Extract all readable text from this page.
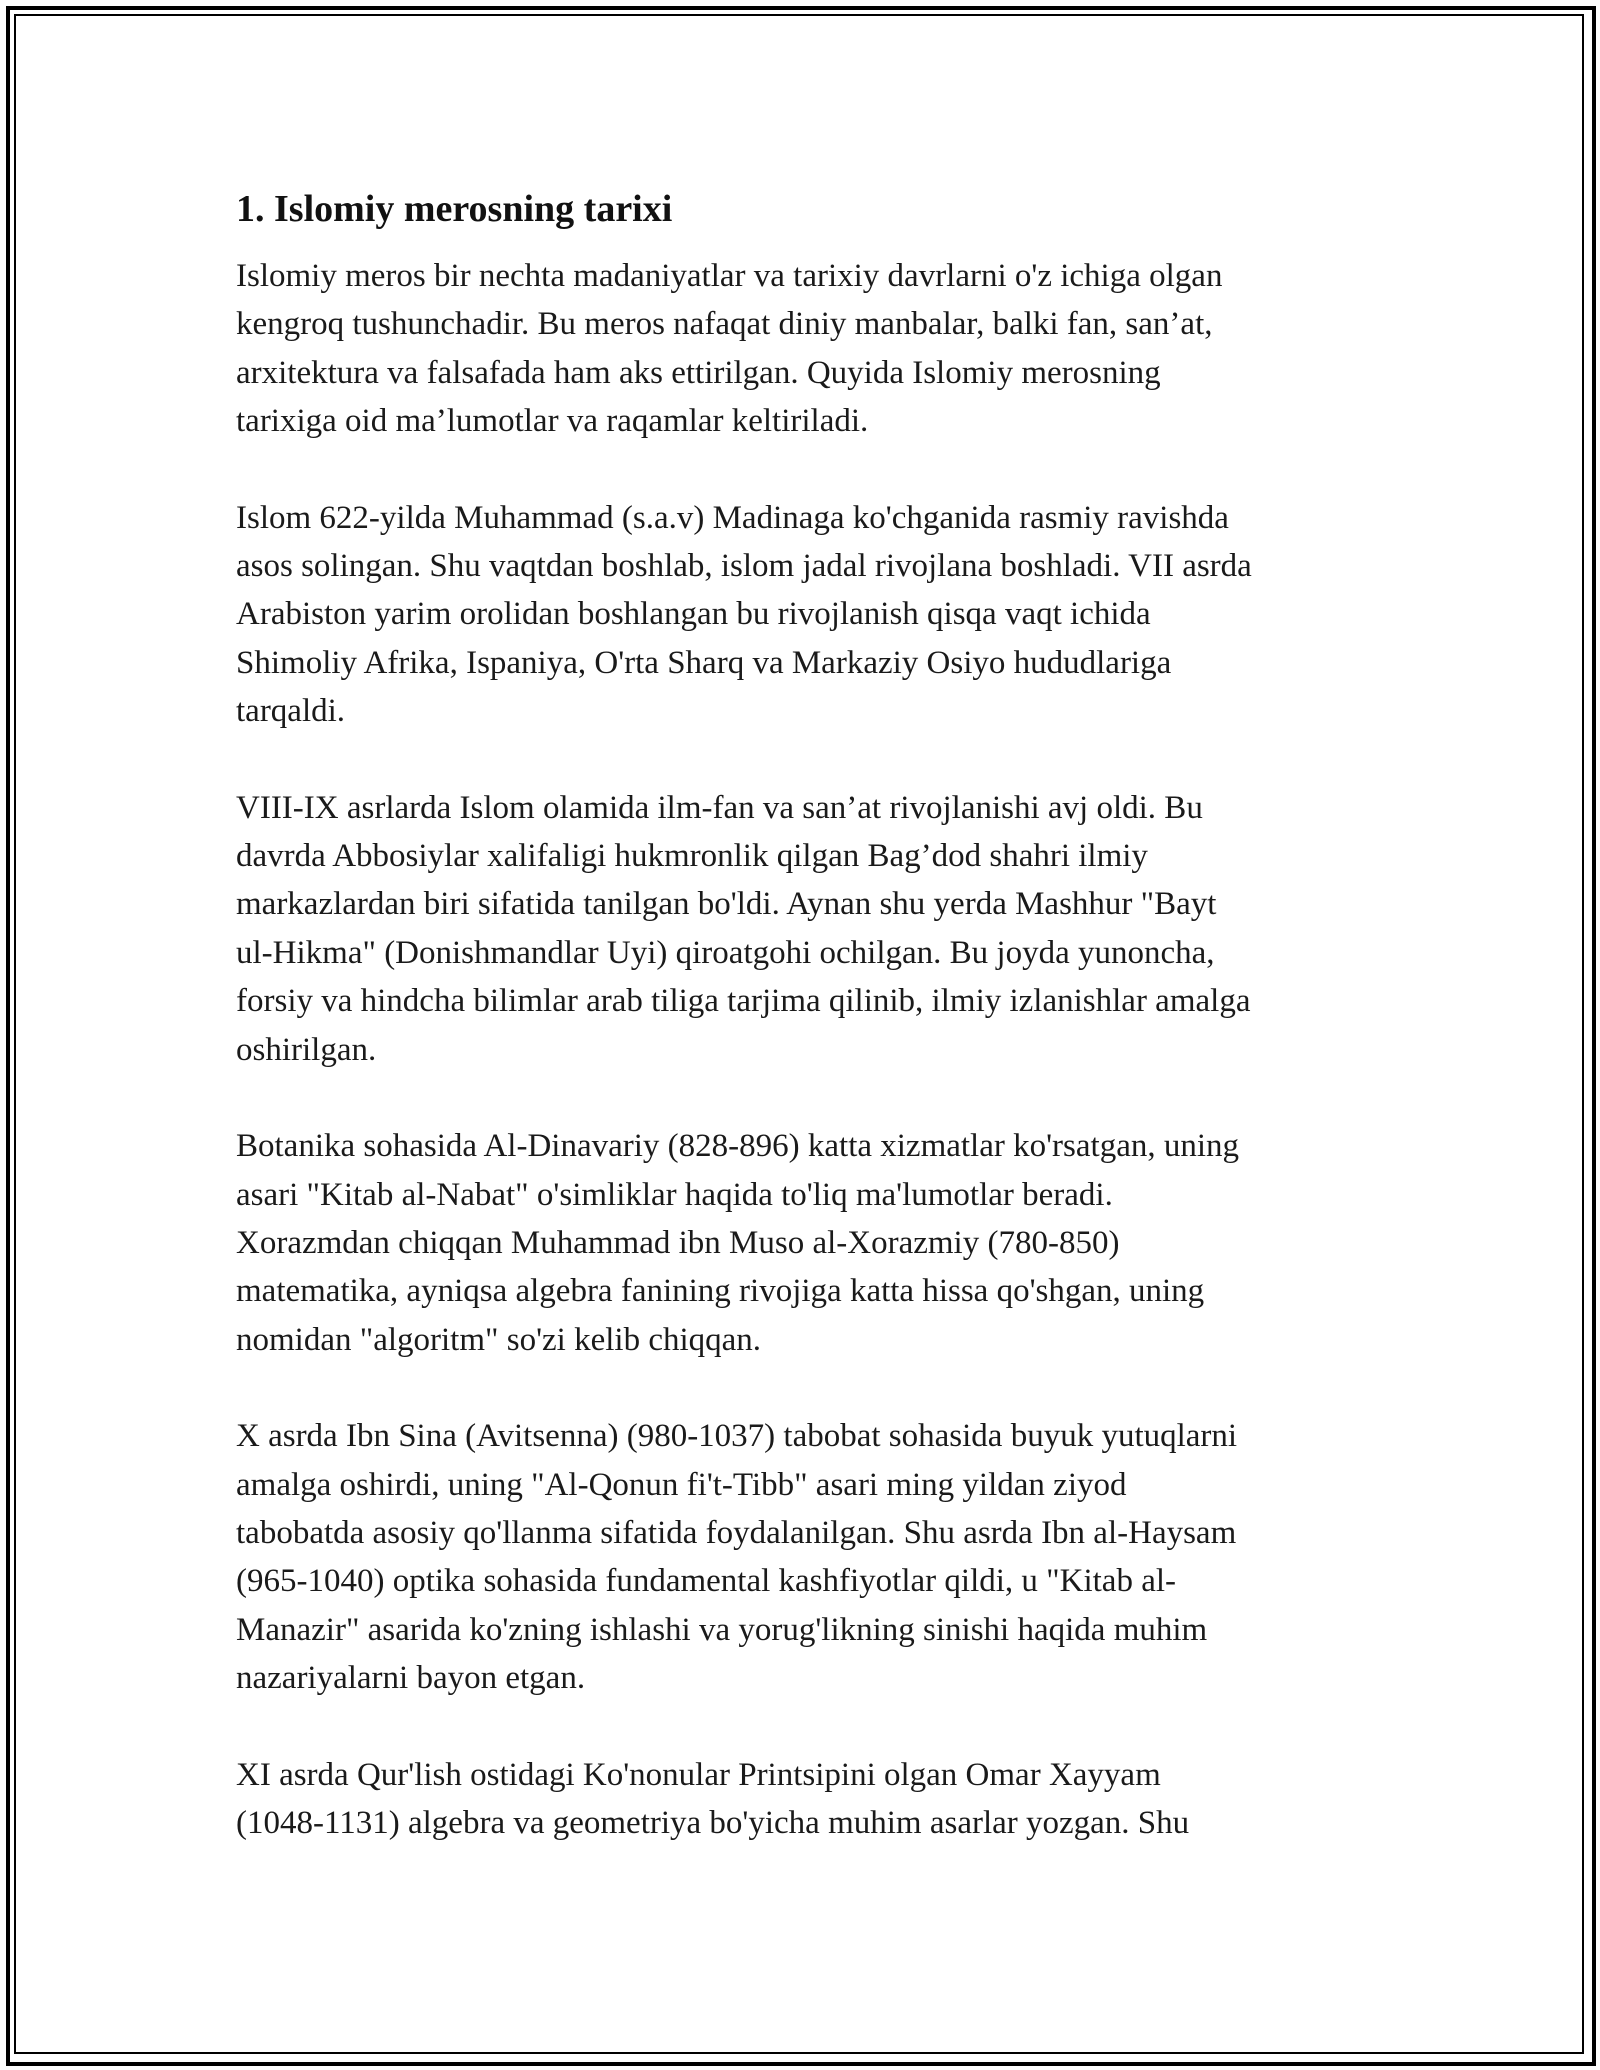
1. Islomiy merosning tarixi

Islomiy meros bir nechta madaniyatlar va tarixiy davrlarni o'z ichiga olgan
kengroq tushunchadir. Bu meros nafaqat diniy manbalar, balki fan, san’at,
arxitektura va falsafada ham aks ettirilgan. Quyida Islomiy merosning
tarixiga oid ma’lumotlar va raqamlar keltiriladi.

Islom 622-yilda Muhammad (s.a.v) Madinaga ko'chganida rasmiy ravishda
asos solingan. Shu vaqtdan boshlab, islom jadal rivojlana boshladi. VII asrda
Arabiston yarim orolidan boshlangan bu rivojlanish qisqa vaqt ichida
Shimoliy Afrika, Ispaniya, O'rta Sharq va Markaziy Osiyo hududlariga
tarqaldi.

VIII-IX asrlarda Islom olamida ilm-fan va san’at rivojlanishi avj oldi. Bu
davrda Abbosiylar xalifaligi hukmronlik qilgan Bag’dod shahri ilmiy
markazlardan biri sifatida tanilgan bo'ldi. Aynan shu yerda Mashhur "Bayt
ul-Hikma" (Donishmandlar Uyi) qiroatgohi ochilgan. Bu joyda yunoncha,
forsiy va hindcha bilimlar arab tiliga tarjima qilinib, ilmiy izlanishlar amalga
oshirilgan.

Botanika sohasida Al-Dinavariy (828-896) katta xizmatlar ko'rsatgan, uning
asari "Kitab al-Nabat" o'simliklar haqida to'liq ma'lumotlar beradi.
Xorazmdan chiqqan Muhammad ibn Muso al-Xorazmiy (780-850)
matematika, ayniqsa algebra fanining rivojiga katta hissa qo'shgan, uning
nomidan "algoritm" so'zi kelib chiqqan.

X asrda Ibn Sina (Avitsenna) (980-1037) tabobat sohasida buyuk yutuqlarni
amalga oshirdi, uning "Al-Qonun fi't-Tibb" asari ming yildan ziyod
tabobatda asosiy qo'llanma sifatida foydalanilgan. Shu asrda Ibn al-Haysam
(965-1040) optika sohasida fundamental kashfiyotlar qildi, u "Kitab al-
Manazir" asarida ko'zning ishlashi va yorug'likning sinishi haqida muhim
nazariyalarni bayon etgan.

XI asrda Qur'lish ostidagi Ko'nonular Printsipini olgan Omar Xayyam
(1048-1131) algebra va geometriya bo'yicha muhim asarlar yozgan. Shu
